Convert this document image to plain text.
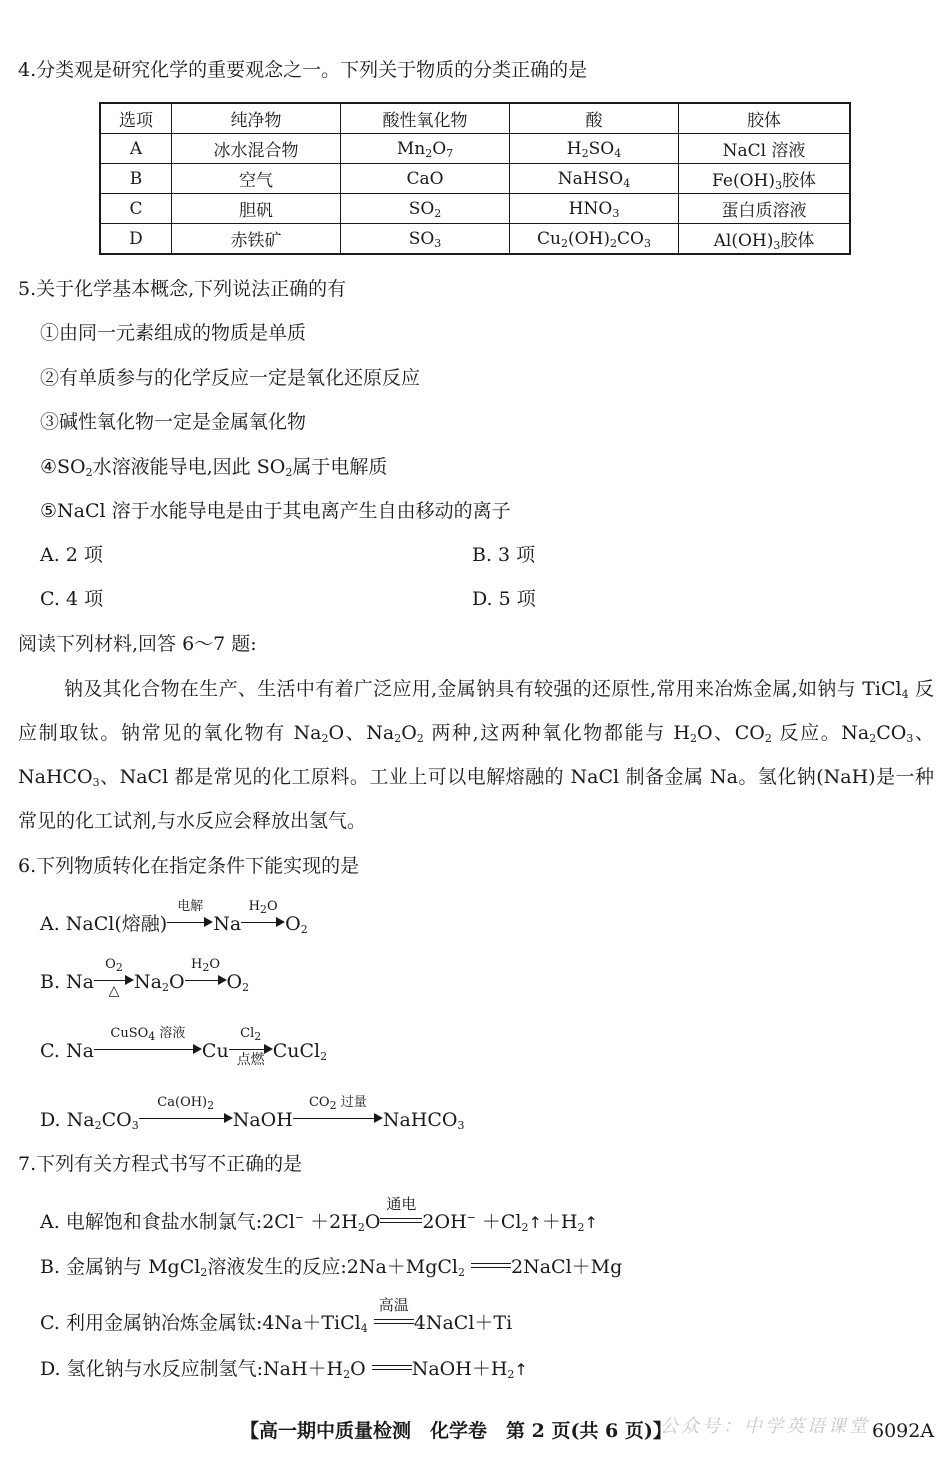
4.分类观是研究化学的重要观念之一。下列关于物质的分类正确的是
选项	纯净物	酸性氧化物	酸	胶体
A	冰水混合物	$Mn_2O_7$	$H_2SO_4$	NaCl 溶液
B	空气	CaO	NaHSO$_4$	$Fe(OH)_3$胶体
C	胆矾	$SO_2$	$HNO_3$	蛋白质溶液
D	赤铁矿	$SO_3$	$Cu_2(OH)_2CO_3$	$Al(OH)_3$胶体
5.关于化学基本概念,下列说法正确的有
①由同一元素组成的物质是单质
②有单质参与的化学反应一定是氧化还原反应
③碱性氧化物一定是金属氧化物
$④SO_2$水溶液能导电,因此 $SO_2$属于电解质
⑤NaCl 溶于水能导电是由于其电离产生自由移动的离子
A. 2 项	B. 3 项
C. 4 项	D. 5 项
阅读下列材料,回答 6～7 题:
钠及其化合物在生产、生活中有着广泛应用,金属钠具有较强的还原性,常用来冶炼金属,如钠与 TiCl$_4$ 反应制取钛。钠常见的氧化物有 $Na_2O$、$Na_2O_2$ 两种,这两种氧化物都能与 $H_2O$、$CO_2$ 反应。$Na_2CO_3$、NaHCO$_3$、NaCl 都是常见的化工原料。工业上可以电解熔融的 NaCl 制备金属 Na。氢化钠(NaH)是一种常见的化工试剂,与水反应会释放出氢气。
6.下列物质转化在指定条件下能实现的是
A. NaCl(熔融)
电解
Na
$H_2O$
$O_2$
B. Na
$O_2$
△ $Na_2O$
$H_2O$
$O_2$
C. Na
CuSO$_4$ 溶液
Cu
$Cl_2$
点燃 CuCl$_2$
D. $Na_2CO_3$
$Ca(OH)_2$
NaOH
$CO_2$ 过量
NaHCO$_3$
7.下列有关方程式书写不正确的是
A. 电解饱和食盐水制氯气:2Cl− $+2H_2O$
通电
$2OH^- +Cl_2↑+H_2↑$
B. 金属钠与 MgCl$_2$溶液发生的反应:2Na＋MgCl$_2$ 2NaCl＋Mg
C. 利用金属钠冶炼金属钛:4Na＋TiCl$_4$
高温
4NaCl＋Ti
D. 氢化钠与水反应制氢气$:NaH+H_2O$ $NaOH+H_2↑$
公众号：中学英语课堂
【高一期中质量检测　化学卷　第 2 页(共 6 页)】	6092A
